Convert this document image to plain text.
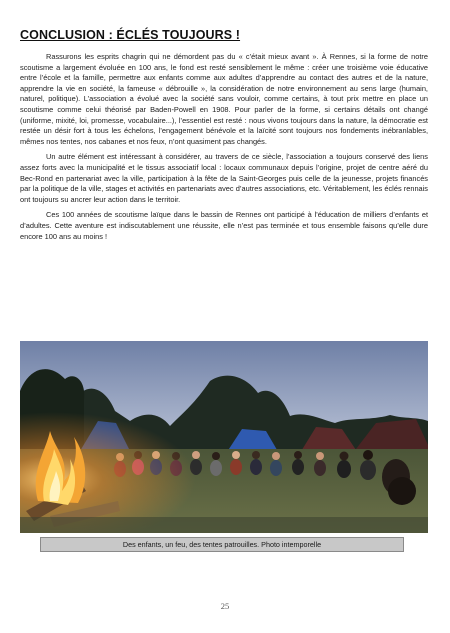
CONCLUSION : ÉCLÉS TOUJOURS !

Rassurons les esprits chagrin qui ne démordent pas du « c’était mieux avant ». À Rennes, si la forme de notre scoutisme a largement évoluée en 100 ans, le fond est resté sensiblement le même : créer une troisième voie éducative entre l’école et la famille, permettre aux enfants comme aux adultes d’apprendre au contact des autres et de la nature, apprendre la vie en société, la fameuse « débrouille », la considération de notre environnement au sens large (humain, naturel, politique). L’association a évolué avec la société sans vouloir, comme certains, à tout prix mettre en place un scoutisme comme celui théorisé par Baden-Powell en 1908. Pour parler de la forme, si certains détails ont changé (uniforme, mixité, loi, promesse, vocabulaire...), l’essentiel est resté : nous vivons toujours dans la nature, la démocratie est restée un désir fort à tous les échelons, l’engagement bénévole et la laïcité sont toujours nos fondements inébranlables, mêmes nos tentes, nos cabanes et nos feux, n’ont quasiment pas changés.

Un autre élément est intéressant à considérer, au travers de ce siècle, l’association a toujours conservé des liens assez forts avec la municipalité et le tissus associatif local : locaux communaux depuis l’origine, projet de centre aéré du Bec-Rond en partenariat avec la ville, participation à la fête de la Saint-Georges puis celle de la jeunesse, projets financés par la politique de la ville, stages et activités en partenariats avec d’autres associations, etc. Véritablement, les éclés rennais ont toujours su ancrer leur action dans le territoir.

Ces 100 années de scoutisme laïque dans le bassin de Rennes ont participé à l’éducation de milliers d’enfants et d’adultes. Cette aventure est indiscutablement une réussite, elle n’est pas terminée et tous ensemble faisons qu’elle dure encore 100 ans au moins !

Des enfants, un feu, des tentes patrouilles. Photo intemporelle
25
